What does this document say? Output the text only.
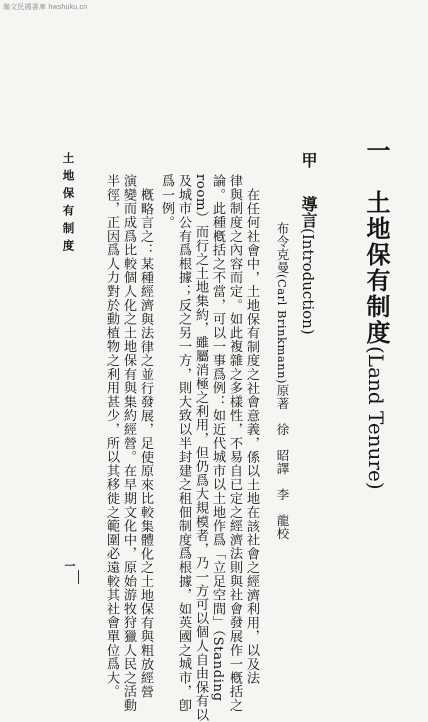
瀚文民國書庫 hwshuku.cn
一　土地保有制度(Land Tenure)
甲
導言(Introduction)
布令克曼(Carl Brinkmann)原著　徐　昭譯　李　龍校
在任何社會中，土地保有制度之社會意義，係以土地在該社會之經濟利用，以及法
律與制度之內容而定。如此複雜之多樣性，不易自已定之經濟法則與社會發展作一槪括之
論。此種槪括之不當，可以一事爲例：如近代城市以土地作爲「立足空間」（Standing
room）而行之土地集約，雖屬消極之利用，但仍爲大規模者，乃一方可以個人自由保有以
及城市公有爲根據；反之另一方，則大致以半封建之租佃制度爲根據，如英國之城市，卽
爲一例。
槪略言之：某種經濟與法律之並行發展，足使原來比較集體化之土地保有與粗放經營
演變而成爲比較個人化之土地保有與集約經營。在早期文化中，原始游牧狩獵人民之活動
半徑，正因爲人力對於動植物之利用甚少，所以其移徙之範圍必遠較其社會單位爲大。
土地保有制度
一
